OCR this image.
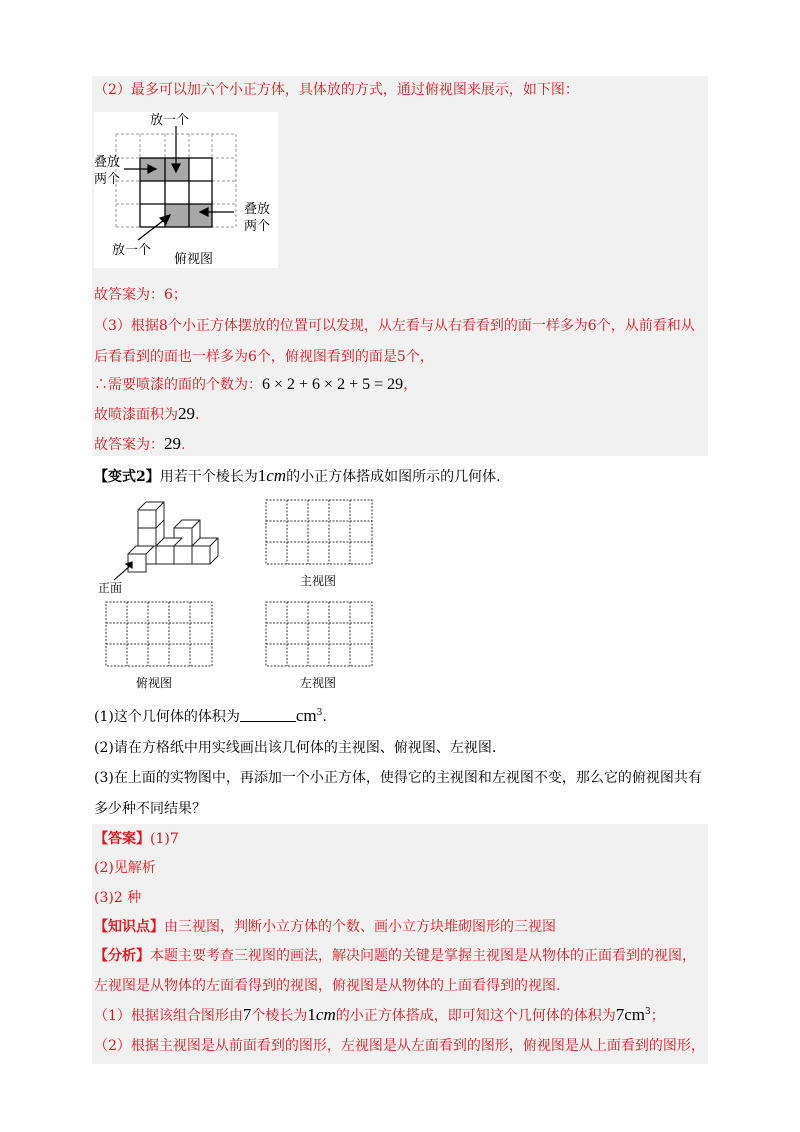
（2）最多可以加六个小正方体，具体放的方式，通过俯视图来展示，如下图：
放一个
叠放
两个
叠放
两个
放一个
俯视图
故答案为：6；
（3）根据8个小正方体摆放的位置可以发现，从左看与从右看看到的面一样多为6个，从前看和从
后看看到的面也一样多为6个，俯视图看到的面是5个，
∴需要喷漆的面的个数为：6 × 2 + 6 × 2 + 5 = 29，
故喷漆面积为29.
故答案为：29.
【变式2】用若干个棱长为1cm的小正方体搭成如图所示的几何体.
正面	主视图
俯视图	左视图
(1)这个几何体的体积为	$cm^3$.
(2)请在方格纸中用实线画出该几何体的主视图、俯视图、左视图.
(3)在上面的实物图中，再添加一个小正方体，使得它的主视图和左视图不变，那么它的俯视图共有
多少种不同结果？
【答案】(1)7
(2)见解析
(3)2 种
【知识点】由三视图，判断小立方体的个数、画小立方块堆砌图形的三视图
【分析】本题主要考查三视图的画法，解决问题的关键是掌握主视图是从物体的正面看到的视图，
左视图是从物体的左面看得到的视图，俯视图是从物体的上面看得到的视图.
（1）根据该组合图形由7个棱长为1cm的小正方体搭成，即可知这个几何体的体积为$7cm^3$；
（2）根据主视图是从前面看到的图形，左视图是从左面看到的图形，俯视图是从上面看到的图形，
